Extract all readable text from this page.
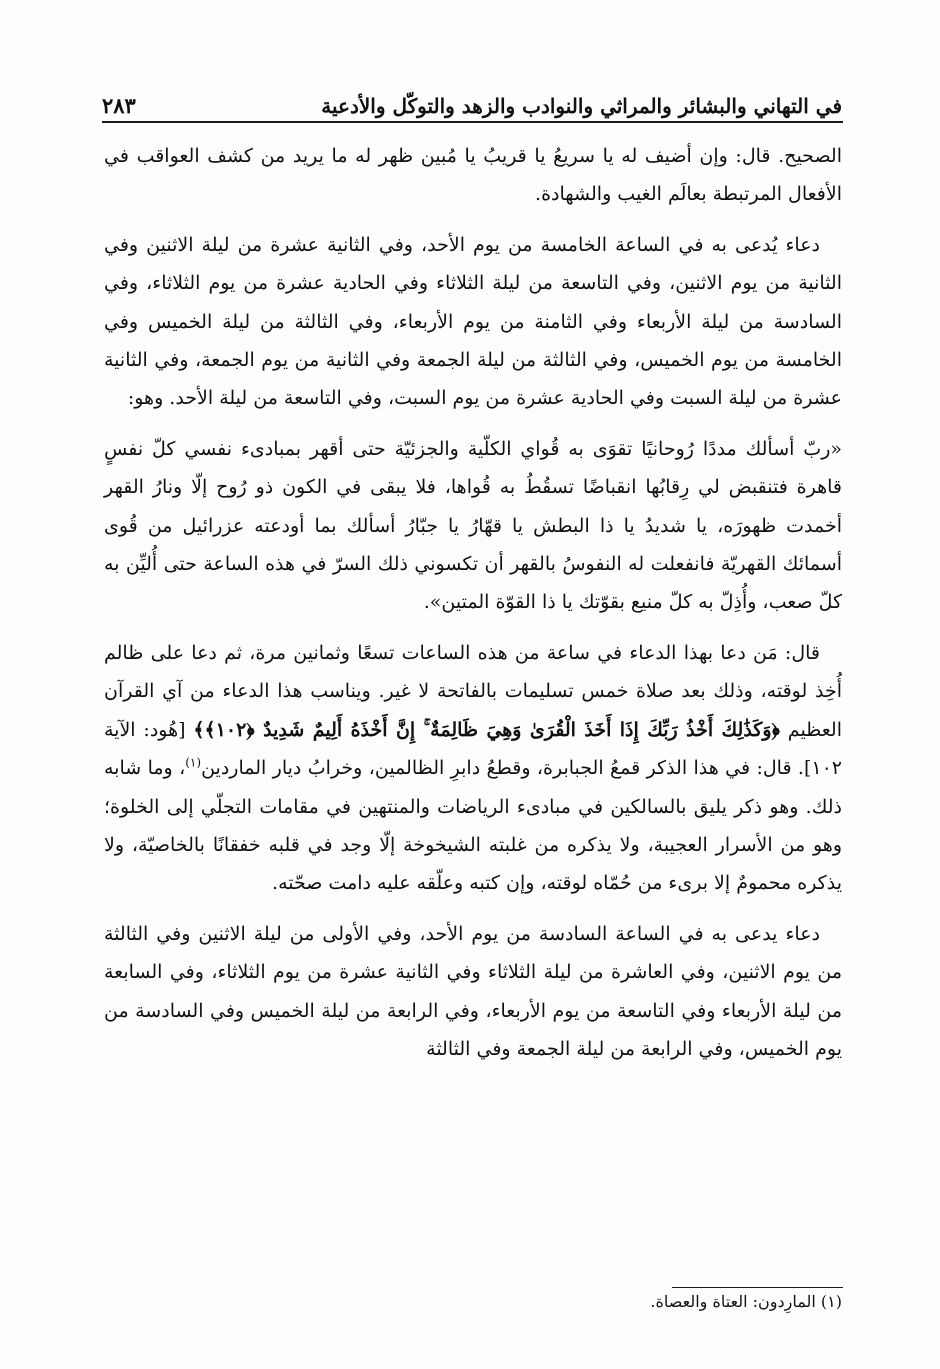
في التهاني والبشائر والمراثي والنوادب والزهد والتوكّل والأدعية
٢٨٣

الصحيح. قال: وإن أضيف له يا سريعُ يا قريبُ يا مُبين ظهر له ما يريد من كشف العواقب في الأفعال المرتبطة بعالَم الغيب والشهادة.

دعاء يُدعى به في الساعة الخامسة من يوم الأحد، وفي الثانية عشرة من ليلة الاثنين وفي الثانية من يوم الاثنين، وفي التاسعة من ليلة الثلاثاء وفي الحادية عشرة من يوم الثلاثاء، وفي السادسة من ليلة الأربعاء وفي الثامنة من يوم الأربعاء، وفي الثالثة من ليلة الخميس وفي الخامسة من يوم الخميس، وفي الثالثة من ليلة الجمعة وفي الثانية من يوم الجمعة، وفي الثانية عشرة من ليلة السبت وفي الحادية عشرة من يوم السبت، وفي التاسعة من ليلة الأحد. وهو:

«ربّ أسألك مددًا رُوحانيًا تقوَى به قُواي الكلّية والجزئيّة حتى أقهر بمبادىء نفسي كلّ نفسٍ قاهرة فتنقبض لي رِقابُها انقباضًا تسقُطُ به قُواها، فلا يبقى في الكون ذو رُوح إلّا ونارُ القهر أخمدت ظهورَه، يا شديدُ يا ذا البطش يا قهّارُ يا جبّارُ أسألك بما أودعته عزرائيل من قُوى أسمائك القهريّة فانفعلت له النفوسُ بالقهر أن تكسوني ذلك السرّ في هذه الساعة حتى أُليِّن به كلّ صعب، وأُذِلّ به كلّ منيع بقوّتك يا ذا القوّة المتين».

قال: مَن دعا بهذا الدعاء في ساعة من هذه الساعات تسعًا وثمانين مرة، ثم دعا على ظالم أُخِذ لوقته، وذلك بعد صلاة خمس تسليمات بالفاتحة لا غير. ويناسب هذا الدعاء من آي القرآن العظيم ﴿وَكَذَٰلِكَ أَخْذُ رَبِّكَ إِذَا أَخَذَ الْقُرَىٰ وَهِيَ ظَالِمَةٌ ۚ إِنَّ أَخْذَهُ أَلِيمٌ شَدِيدٌ ﴿١٠٢﴾﴾ [هُود: الآية ١٠٢]. قال: في هذا الذكر قمعُ الجبابرة، وقطعُ دابرِ الظالمين، وخرابُ ديار الماردين$^{(١)}$، وما شابه ذلك. وهو ذكر يليق بالسالكين في مبادىء الرياضات والمنتهين في مقامات التجلّي إلى الخلوة؛ وهو من الأسرار العجيبة، ولا يذكره من غلبته الشيخوخة إلّا وجد في قلبه خفقانًا بالخاصيّة، ولا يذكره محمومٌ إلا برىء من حُمّاه لوقته، وإن كتبه وعلّقه عليه دامت صحّته.

دعاء يدعى به في الساعة السادسة من يوم الأحد، وفي الأولى من ليلة الاثنين وفي الثالثة من يوم الاثنين، وفي العاشرة من ليلة الثلاثاء وفي الثانية عشرة من يوم الثلاثاء، وفي السابعة من ليلة الأربعاء وفي التاسعة من يوم الأربعاء، وفي الرابعة من ليلة الخميس وفي السادسة من يوم الخميس، وفي الرابعة من ليلة الجمعة وفي الثالثة

(١) المارِدون: العتاة والعصاة.
